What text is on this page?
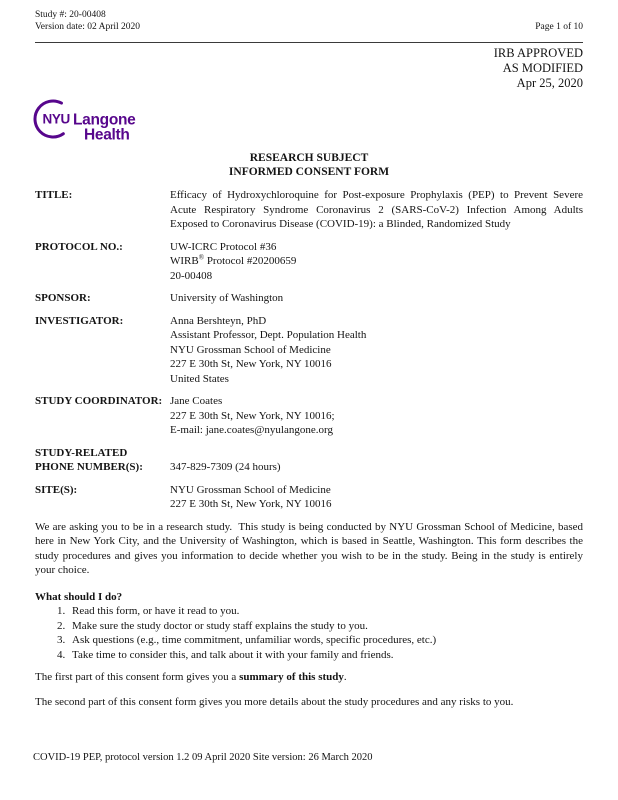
Study #: 20-00408
Version date: 02 April 2020	Page 1 of 10
IRB APPROVED
AS MODIFIED
Apr 25, 2020
NYU Langone
Health
RESEARCH SUBJECT
INFORMED CONSENT FORM
TITLE:	Efficacy of Hydroxychloroquine for Post-exposure Prophylaxis (PEP) to Prevent Severe Acute Respiratory Syndrome Coronavirus 2 (SARS-CoV-2) Infection Among Adults Exposed to Coronavirus Disease (COVID-19): a Blinded, Randomized Study
PROTOCOL NO.:	UW-ICRC Protocol #36
WIRB® Protocol #20200659
20-00408
SPONSOR:	University of Washington
INVESTIGATOR:	Anna Bershteyn, PhD
Assistant Professor, Dept. Population Health
NYU Grossman School of Medicine
227 E 30th St, New York, NY 10016
United States
STUDY COORDINATOR: Jane Coates
227 E 30th St, New York, NY 10016;
E-mail: jane.coates@nyulangone.org
STUDY-RELATED
PHONE NUMBER(S):	347-829-7309 (24 hours)
SITE(S):	NYU Grossman School of Medicine
227 E 30th St, New York, NY 10016

We are asking you to be in a research study.  This study is being conducted by NYU Grossman School of Medicine, based here in New York City, and the University of Washington, which is based in Seattle, Washington. This form describes the study procedures and gives you information to decide whether you wish to be in the study. Being in the study is entirely your choice.

What should I do?
1. Read this form, or have it read to you.
2. Make sure the study doctor or study staff explains the study to you.
3. Ask questions (e.g., time commitment, unfamiliar words, specific procedures, etc.)
4. Take time to consider this, and talk about it with your family and friends.

The first part of this consent form gives you a summary of this study.

The second part of this consent form gives you more details about the study procedures and any risks to you.

COVID-19 PEP, protocol version 1.2 09 April 2020 Site version: 26 March 2020
